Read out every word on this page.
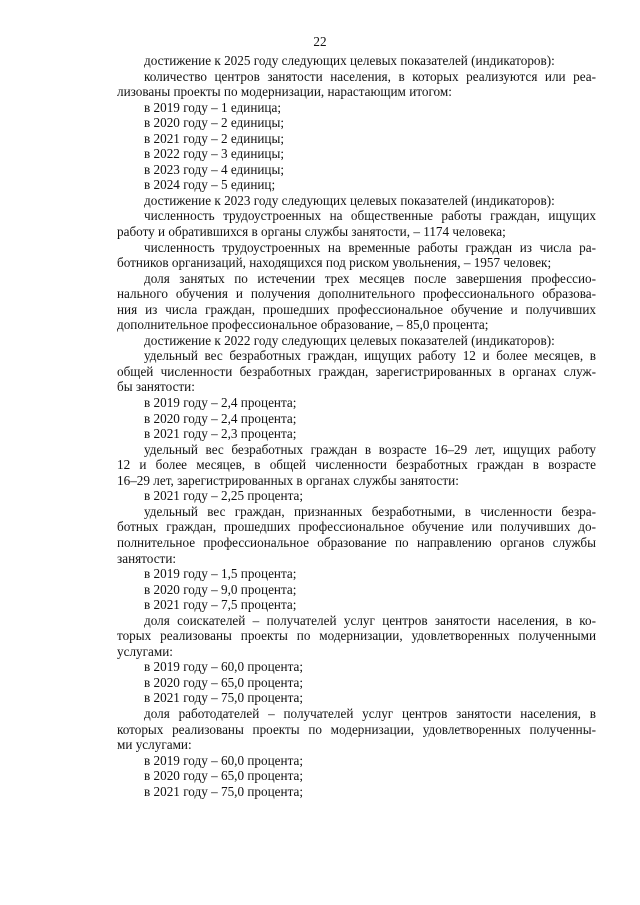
22
достижение к 2025 году следующих целевых показателей (индикаторов):
количество центров занятости населения, в которых реализуются или реа-
лизованы проекты по модернизации, нарастающим итогом:
в 2019 году – 1 единица;
в 2020 году – 2 единицы;
в 2021 году – 2 единицы;
в 2022 году – 3 единицы;
в 2023 году – 4 единицы;
в 2024 году – 5 единиц;
достижение к 2023 году следующих целевых показателей (индикаторов):
численность трудоустроенных на общественные работы граждан, ищущих
работу и обратившихся в органы службы занятости, – 1174 человека;
численность трудоустроенных на временные работы граждан из числа ра-
ботников организаций, находящихся под риском увольнения, – 1957 человек;
доля занятых по истечении трех месяцев после завершения профессио-
нального обучения и получения дополнительного профессионального образова-
ния из числа граждан, прошедших профессиональное обучение и получивших
дополнительное профессиональное образование, – 85,0 процента;
достижение к 2022 году следующих целевых показателей (индикаторов):
удельный вес безработных граждан, ищущих работу 12 и более месяцев, в
общей численности безработных граждан, зарегистрированных в органах служ-
бы занятости:
в 2019 году – 2,4 процента;
в 2020 году – 2,4 процента;
в 2021 году – 2,3 процента;
удельный вес безработных граждан в возрасте 16–29 лет, ищущих работу
12 и более месяцев, в общей численности безработных граждан в возрасте
16–29 лет, зарегистрированных в органах службы занятости:
в 2021 году – 2,25 процента;
удельный вес граждан, признанных безработными, в численности безра-
ботных граждан, прошедших профессиональное обучение или получивших до-
полнительное профессиональное образование по направлению органов службы
занятости:
в 2019 году – 1,5 процента;
в 2020 году – 9,0 процента;
в 2021 году – 7,5 процента;
доля соискателей – получателей услуг центров занятости населения, в ко-
торых реализованы проекты по модернизации, удовлетворенных полученными
услугами:
в 2019 году – 60,0 процента;
в 2020 году – 65,0 процента;
в 2021 году – 75,0 процента;
доля работодателей – получателей услуг центров занятости населения, в
которых реализованы проекты по модернизации, удовлетворенных полученны-
ми услугами:
в 2019 году – 60,0 процента;
в 2020 году – 65,0 процента;
в 2021 году – 75,0 процента;
